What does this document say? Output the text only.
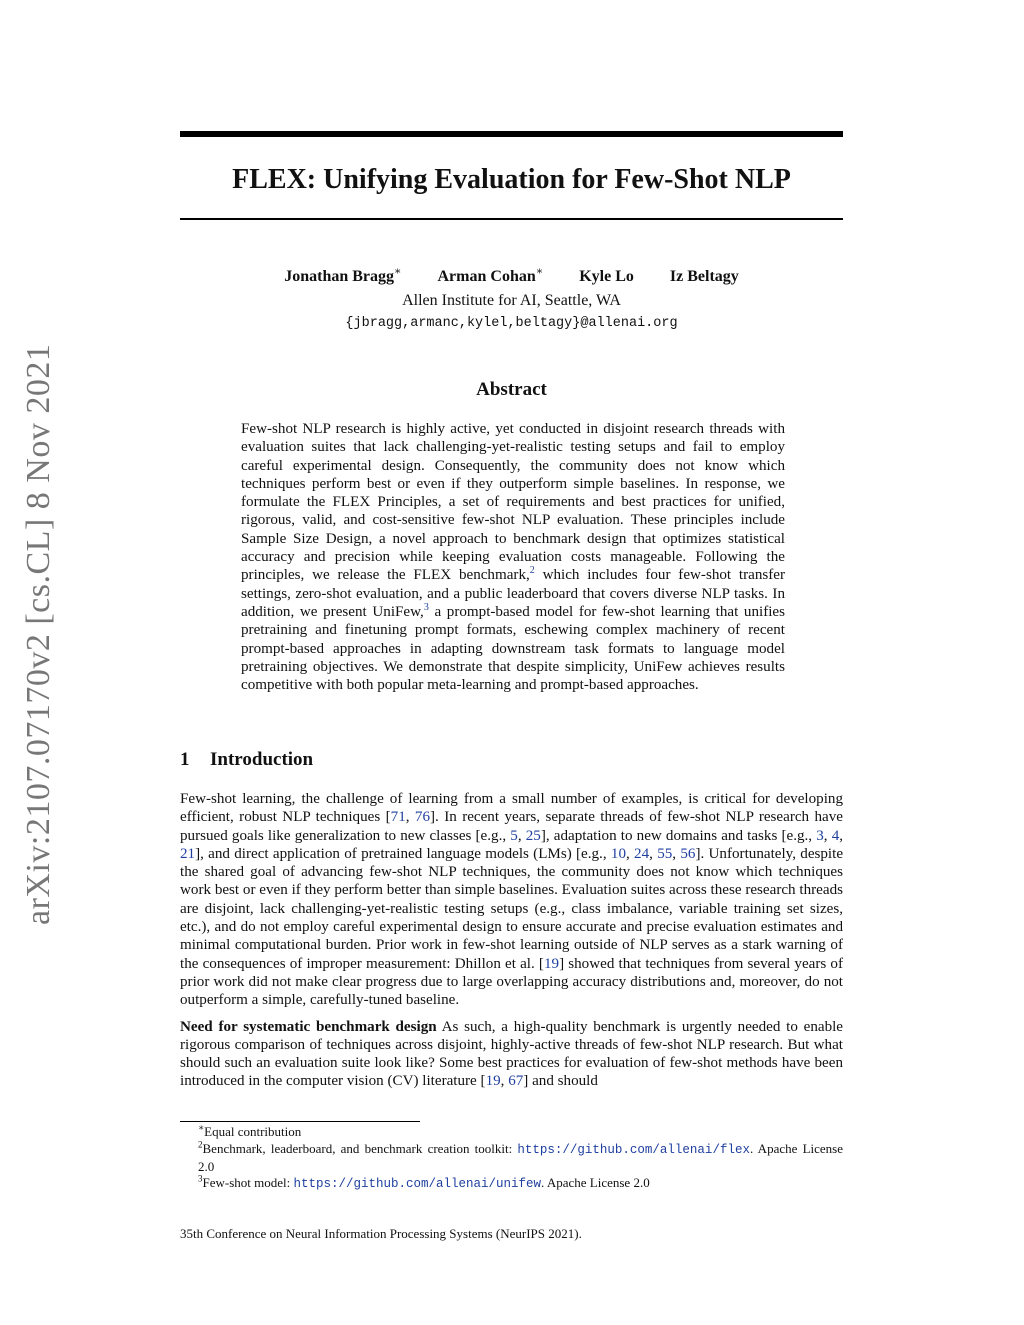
arXiv:2107.07170v2 [cs.CL] 8 Nov 2021
FLEX: Unifying Evaluation for Few-Shot NLP
Jonathan Bragg∗ Arman Cohan∗ Kyle Lo Iz Beltagy
Allen Institute for AI, Seattle, WA
{jbragg,armanc,kylel,beltagy}@allenai.org
Abstract
Few-shot NLP research is highly active, yet conducted in disjoint research threads with evaluation suites that lack challenging-yet-realistic testing setups and fail to employ careful experimental design. Consequently, the community does not know which techniques perform best or even if they outperform simple baselines. In response, we formulate the FLEX Principles, a set of requirements and best practices for unified, rigorous, valid, and cost-sensitive few-shot NLP evaluation. These principles include Sample Size Design, a novel approach to benchmark design that optimizes statistical accuracy and precision while keeping evaluation costs manageable. Following the principles, we release the FLEX benchmark,$^2$ which includes four few-shot transfer settings, zero-shot evaluation, and a public leaderboard that covers diverse NLP tasks. In addition, we present UniFew,$^3$ a prompt-based model for few-shot learning that unifies pretraining and finetuning prompt formats, eschewing complex machinery of recent prompt-based approaches in adapting downstream task formats to language model pretraining objectives. We demonstrate that despite simplicity, UniFew achieves results competitive with both popular meta-learning and prompt-based approaches.
1 Introduction

Few-shot learning, the challenge of learning from a small number of examples, is critical for developing efficient, robust NLP techniques [71, 76]. In recent years, separate threads of few-shot NLP research have pursued goals like generalization to new classes [e.g., 5, 25], adaptation to new domains and tasks [e.g., 3, 4, 21], and direct application of pretrained language models (LMs) [e.g., 10, 24, 55, 56]. Unfortunately, despite the shared goal of advancing few-shot NLP techniques, the community does not know which techniques work best or even if they perform better than simple baselines. Evaluation suites across these research threads are disjoint, lack challenging-yet-realistic testing setups (e.g., class imbalance, variable training set sizes, etc.), and do not employ careful experimental design to ensure accurate and precise evaluation estimates and minimal computational burden. Prior work in few-shot learning outside of NLP serves as a stark warning of the consequences of improper measurement: Dhillon et al. [19] showed that techniques from several years of prior work did not make clear progress due to large overlapping accuracy distributions and, moreover, do not outperform a simple, carefully-tuned baseline.

Need for systematic benchmark design As such, a high-quality benchmark is urgently needed to enable rigorous comparison of techniques across disjoint, highly-active threads of few-shot NLP research. But what should such an evaluation suite look like? Some best practices for evaluation of few-shot methods have been introduced in the computer vision (CV) literature [19, 67] and should

∗Equal contribution

$^2$Benchmark, leaderboard, and benchmark creation toolkit: https://github.com/allenai/flex. Apache License 2.0

$^3$Few-shot model: https://github.com/allenai/unifew. Apache License 2.0

35th Conference on Neural Information Processing Systems (NeurIPS 2021).
